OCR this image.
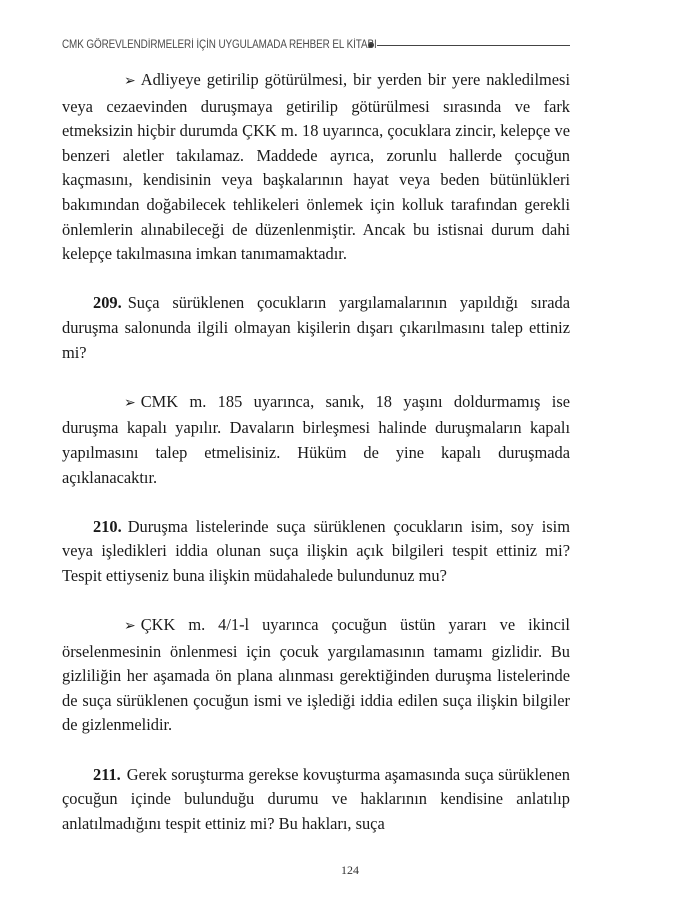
CMK GÖREVLENDİRMELERİ İÇİN UYGULAMADA REHBER EL KİTABI

➢ Adliyeye getirilip götürülmesi, bir yerden bir yere nakledilmesi veya cezaevinden duruşmaya getirilip götürülmesi sırasında ve fark etmeksizin hiçbir durumda ÇKK m. 18 uyarınca, çocuklara zincir, kelepçe ve benzeri aletler takılamaz. Maddede ayrıca, zorunlu hallerde çocuğun kaçmasını, kendisinin veya başkalarının hayat veya beden bütünlükleri bakımından doğabilecek tehlikeleri önlemek için kolluk tarafından gerekli önlemlerin alınabileceği de düzenlenmiştir. Ancak bu istisnai durum dahi kelepçe takılmasına imkan tanımamaktadır.

209. Suça sürüklenen çocukların yargılamalarının yapıldığı sırada duruşma salonunda ilgili olmayan kişilerin dışarı çıkarılmasını talep ettiniz mi?

➢ CMK m. 185 uyarınca, sanık, 18 yaşını doldurmamış ise duruşma kapalı yapılır. Davaların birleşmesi halinde duruşmaların kapalı yapılmasını talep etmelisiniz. Hüküm de yine kapalı duruşmada açıklanacaktır.

210. Duruşma listelerinde suça sürüklenen çocukların isim, soy isim veya işledikleri iddia olunan suça ilişkin açık bilgileri tespit ettiniz mi? Tespit ettiyseniz buna ilişkin müdahalede bulundunuz mu?

➢ ÇKK m. 4/1-l uyarınca çocuğun üstün yararı ve ikincil örselenmesinin önlenmesi için çocuk yargılamasının tamamı gizlidir. Bu gizliliğin her aşamada ön plana alınması gerektiğinden duruşma listelerinde de suça sürüklenen çocuğun ismi ve işlediği iddia edilen suça ilişkin bilgiler de gizlenmelidir.

211. Gerek soruşturma gerekse kovuşturma aşamasında suça sürüklenen çocuğun içinde bulunduğu durumu ve haklarının kendisine anlatılıp anlatılmadığını tespit ettiniz mi? Bu hakları, suça

124
